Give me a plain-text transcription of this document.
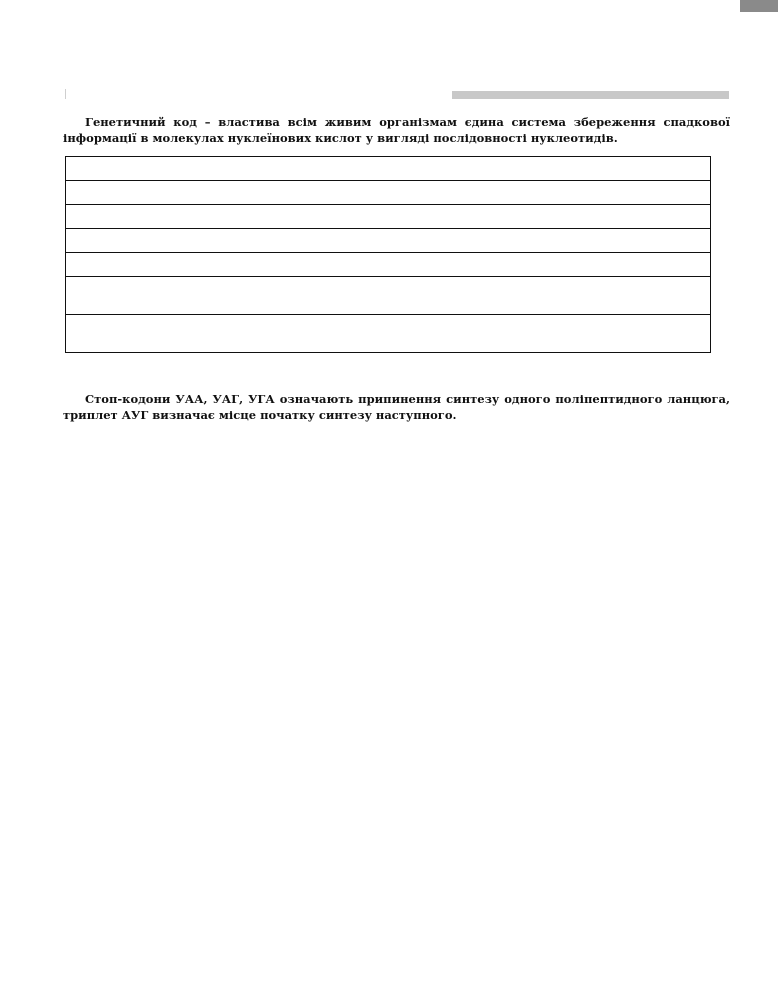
Генетичний код – властива всім живим організмам єдина система збереження спадкової інформації в молекулах нуклеїнових кислот у вигляді послідовності нуклеотидів.

Стоп-кодони УАА, УАГ, УГА означають припинення синтезу одного поліпептидного ланцюга, триплет АУГ визначає місце початку синтезу наступного.
